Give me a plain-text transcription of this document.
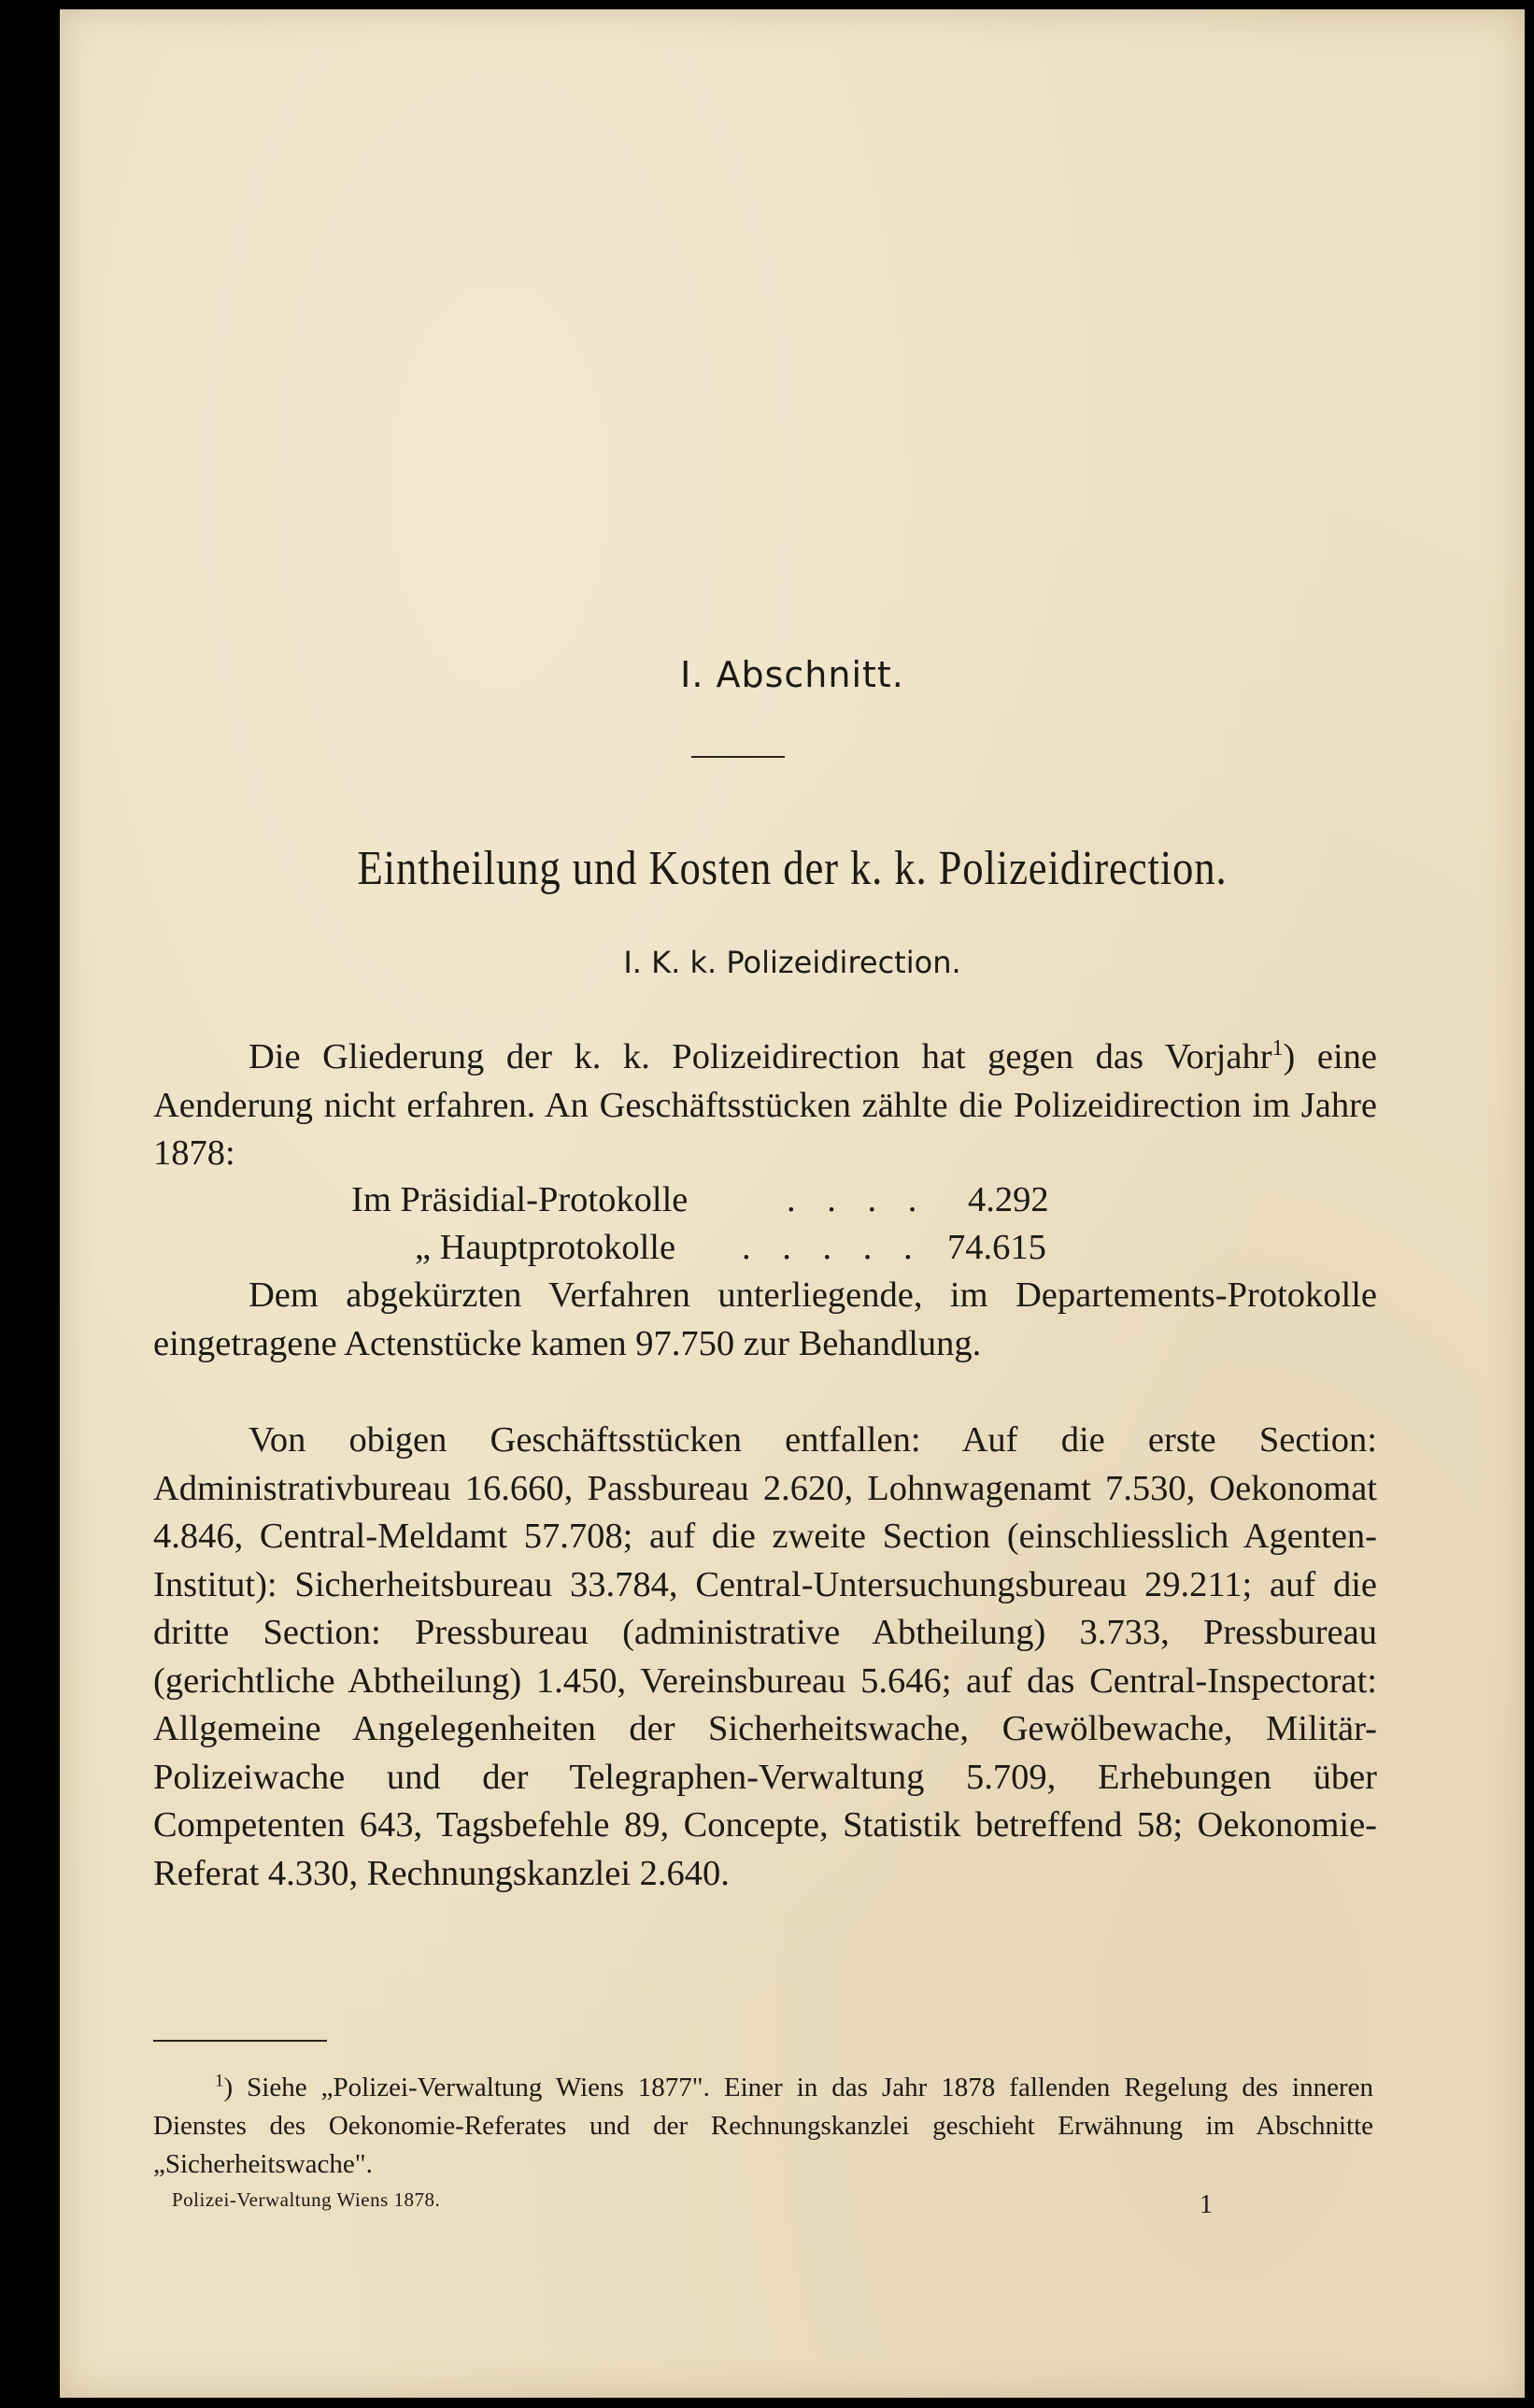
I. Abschnitt.
Eintheilung und Kosten der k. k. Polizeidirection.
I. K. k. Polizeidirection.

Die Gliederung der k. k. Polizeidirection hat gegen das Vorjahr$^1$) eine Aenderung nicht erfahren. An Geschäftsstücken zählte die Polizeidirection im Jahre 1878:

Im Präsidial-Protokolle	. . . . 4.292
„ Hauptprotokolle . . . . . 74.615

Dem abgekürzten Verfahren unterliegende, im Departements-Protokolle eingetragene Actenstücke kamen 97.750 zur Behandlung.

Von obigen Geschäftsstücken entfallen: Auf die erste Section: Administrativbureau 16.660, Passbureau 2.620, Lohnwagenamt 7.530, Oekonomat 4.846, Central-Meldamt 57.708; auf die zweite Section (einschliesslich Agenten-Institut): Sicherheitsbureau 33.784, Central-Untersuchungsbureau 29.211; auf die dritte Section: Pressbureau (administrative Abtheilung) 3.733, Pressbureau (gerichtliche Abtheilung) 1.450, Vereinsbureau 5.646; auf das Central-Inspectorat: Allgemeine Angelegenheiten der Sicherheitswache, Gewölbewache, Militär-Polizeiwache und der Telegraphen-Verwaltung 5.709, Erhebungen über Competenten 643, Tagsbefehle 89, Concepte, Statistik betreffend 58; Oekonomie-Referat 4.330, Rechnungskanzlei 2.640.

$^1$) Siehe „Polizei-Verwaltung Wiens 1877". Einer in das Jahr 1878 fallenden Regelung des inneren Dienstes des Oekonomie-Referates und der Rechnungskanzlei geschieht Erwähnung im Abschnitte „Sicherheitswache".

Polizei-Verwaltung Wiens 1878.	1
